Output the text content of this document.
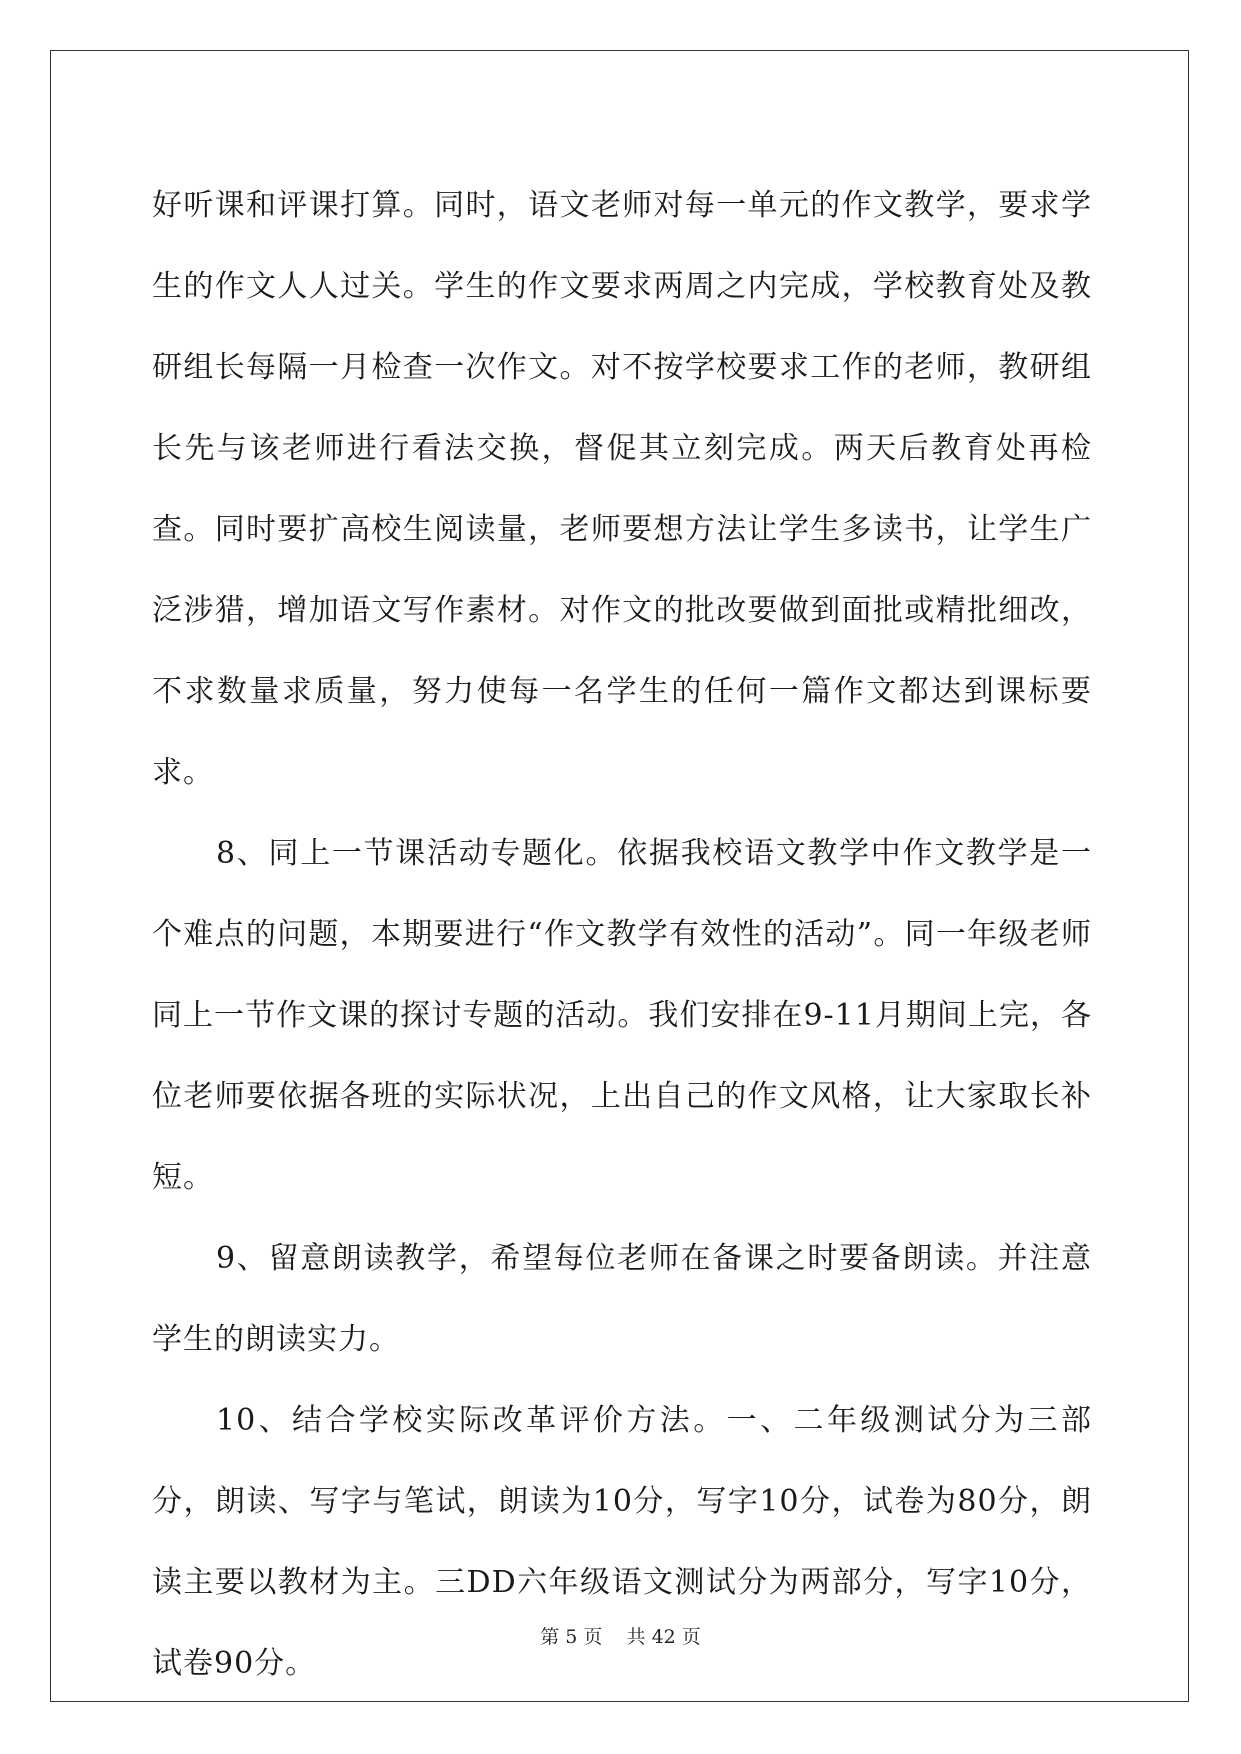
好听课和评课打算。同时，语文老师对每一单元的作文教学，要求学生的作文人人过关。学生的作文要求两周之内完成，学校教育处及教研组长每隔一月检查一次作文。对不按学校要求工作的老师，教研组长先与该老师进行看法交换，督促其立刻完成。两天后教育处再检查。同时要扩高校生阅读量，老师要想方法让学生多读书，让学生广泛涉猎，增加语文写作素材。对作文的批改要做到面批或精批细改，不求数量求质量，努力使每一名学生的任何一篇作文都达到课标要求。

8、同上一节课活动专题化。依据我校语文教学中作文教学是一个难点的问题，本期要进行“作文教学有效性的活动”。同一年级老师同上一节作文课的探讨专题的活动。我们安排在9-11月期间上完，各位老师要依据各班的实际状况，上出自己的作文风格，让大家取长补短。

9、留意朗读教学，希望每位老师在备课之时要备朗读。并注意学生的朗读实力。

10、结合学校实际改革评价方法。一、二年级测试分为三部分，朗读、写字与笔试，朗读为10分，写字10分，试卷为80分，朗读主要以教材为主。三DD六年级语文测试分为两部分，写字10分，试卷90分。

第 5 页 共 42 页
